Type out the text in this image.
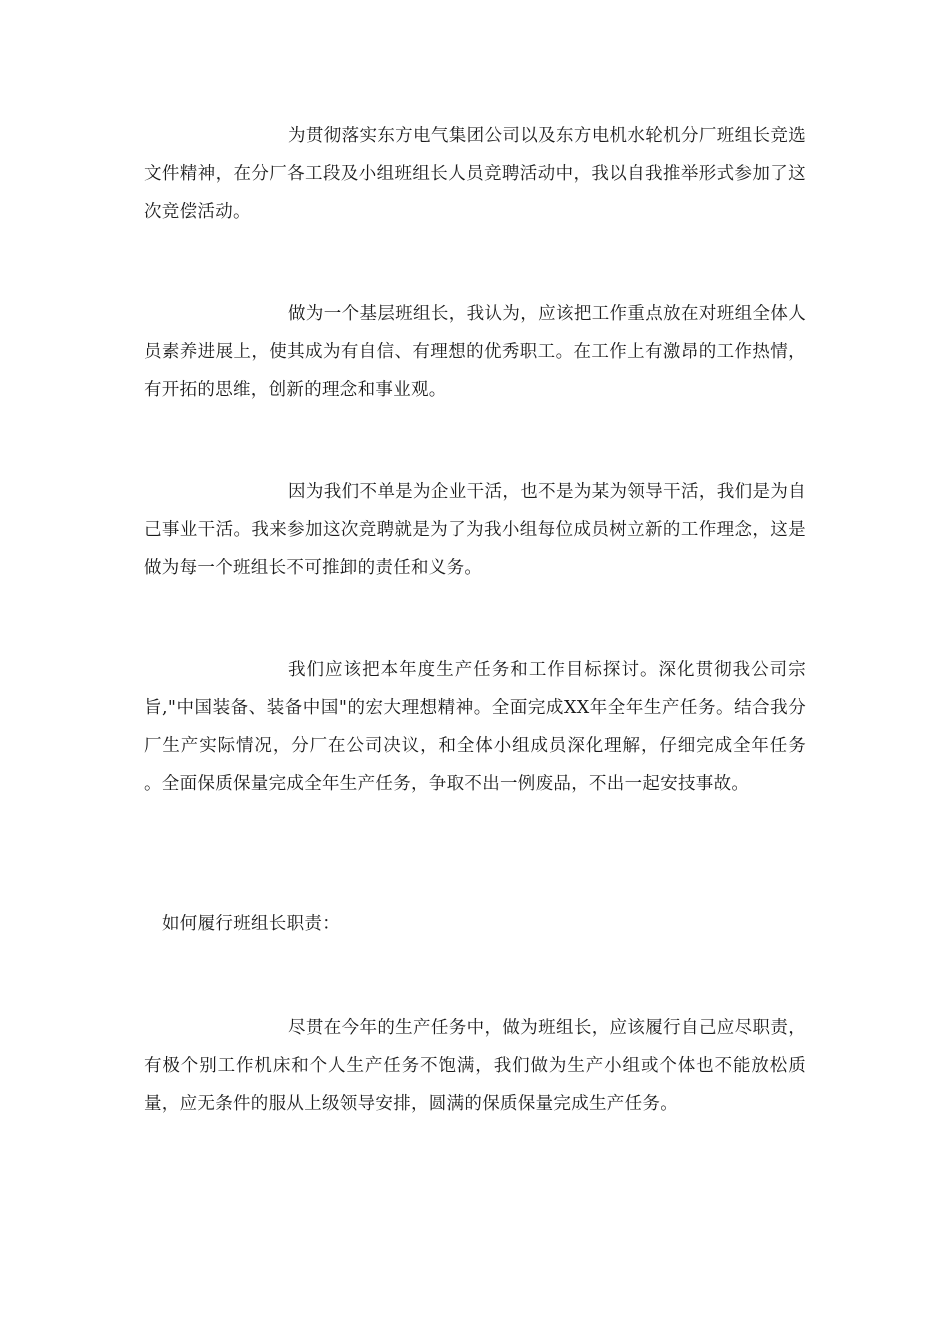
为贯彻落实东方电气集团公司以及东方电机水轮机分厂班组长竞选文件精神，在分厂各工段及小组班组长人员竞聘活动中，我以自我推举形式参加了这次竞偿活动。

做为一个基层班组长，我认为，应该把工作重点放在对班组全体人员素养进展上，使其成为有自信、有理想的优秀职工。在工作上有激昂的工作热情，有开拓的思维，创新的理念和事业观。

因为我们不单是为企业干活，也不是为某为领导干活，我们是为自己事业干活。我来参加这次竞聘就是为了为我小组每位成员树立新的工作理念，这是做为每一个班组长不可推卸的责任和义务。

我们应该把本年度生产任务和工作目标探讨。深化贯彻我公司宗旨,"中国装备、装备中国"的宏大理想精神。全面完成XX年全年生产任务。结合我分厂生产实际情况，分厂在公司决议，和全体小组成员深化理解，仔细完成全年任务 。全面保质保量完成全年生产任务，争取不出一例废品，不出一起安技事故。

如何履行班组长职责：

尽贯在今年的生产任务中，做为班组长，应该履行自己应尽职责，有极个别工作机床和个人生产任务不饱满，我们做为生产小组或个体也不能放松质量，应无条件的服从上级领导安排，圆满的保质保量完成生产任务。
